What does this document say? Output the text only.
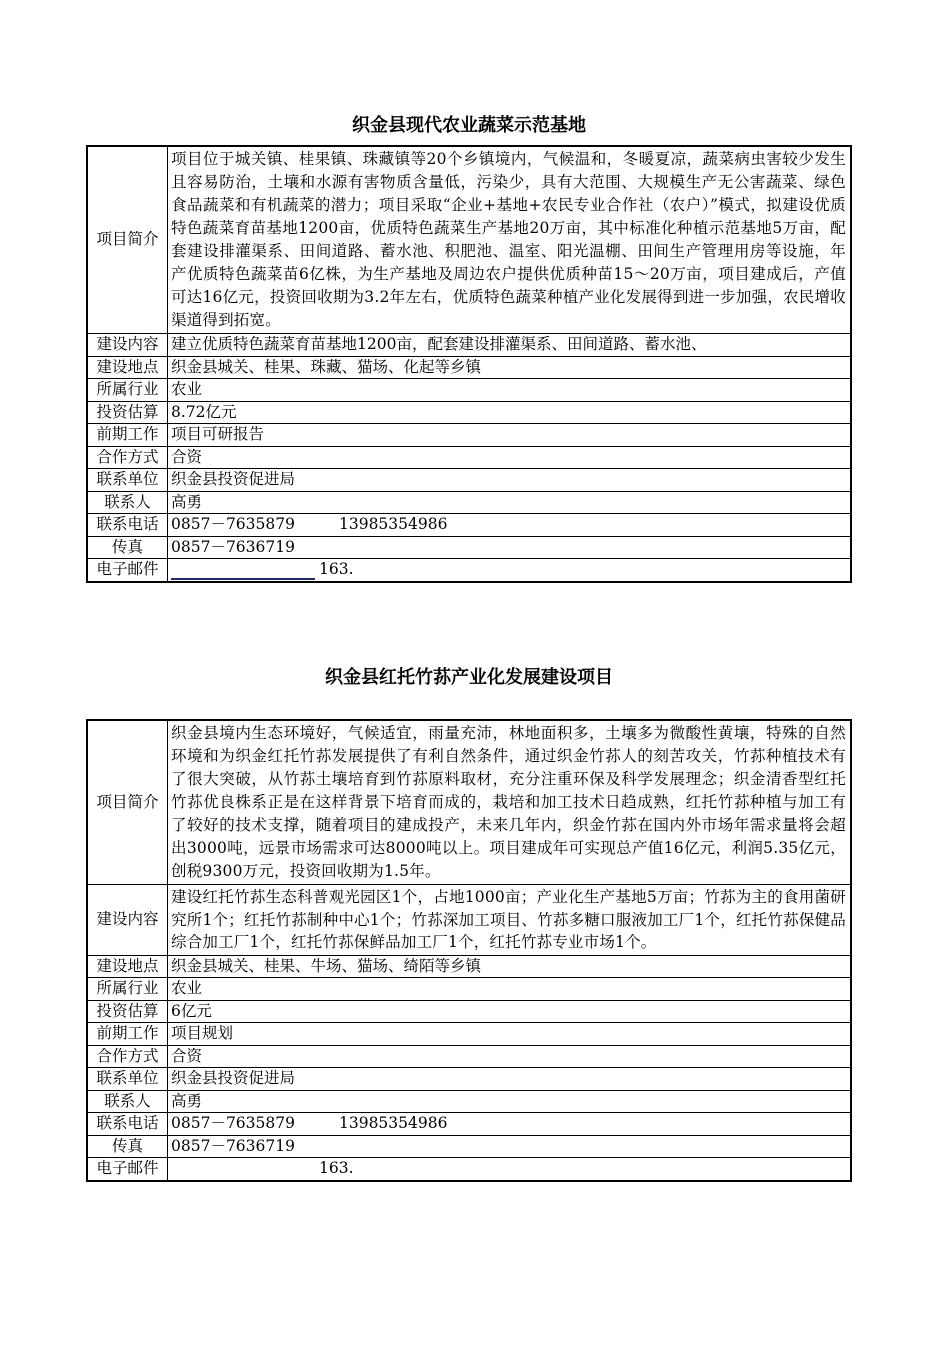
织金县现代农业蔬菜示范基地
项目简介	项目位于城关镇、桂果镇、珠藏镇等20个乡镇境内，气候温和，冬暖夏凉，蔬菜病虫害较少发生且容易防治，土壤和水源有害物质含量低，污染少，具有大范围、大规模生产无公害蔬菜、绿色食品蔬菜和有机蔬菜的潜力；项目采取“企业+基地+农民专业合作社（农户）”模式，拟建设优质特色蔬菜育苗基地1200亩，优质特色蔬菜生产基地20万亩，其中标准化种植示范基地5万亩，配套建设排灌渠系、田间道路、蓄水池、积肥池、温室、阳光温棚、田间生产管理用房等设施，年产优质特色蔬菜苗6亿株，为生产基地及周边农户提供优质种苗15～20万亩，项目建成后，产值可达16亿元，投资回收期为3.2年左右，优质特色蔬菜种植产业化发展得到进一步加强，农民增收渠道得到拓宽。
建设内容	建立优质特色蔬菜育苗基地1200亩，配套建设排灌渠系、田间道路、蓄水池、
建设地点	织金县城关、桂果、珠藏、猫场、化起等乡镇
所属行业	农业
投资估算	8.72亿元
前期工作	项目可研报告
合作方式	合资
联系单位	织金县投资促进局
联系人	高勇
联系电话	0857－7635879 13985354986
传真	0857－7636719
电子邮件	163.
织金县红托竹荪产业化发展建设项目
项目简介	织金县境内生态环境好，气候适宜，雨量充沛，林地面积多，土壤多为微酸性黄壤，特殊的自然环境和为织金红托竹荪发展提供了有利自然条件，通过织金竹荪人的刻苦攻关，竹荪种植技术有了很大突破，从竹荪土壤培育到竹荪原料取材，充分注重环保及科学发展理念；织金清香型红托竹荪优良株系正是在这样背景下培育而成的，栽培和加工技术日趋成熟，红托竹荪种植与加工有了较好的技术支撑，随着项目的建成投产，未来几年内，织金竹荪在国内外市场年需求量将会超出3000吨，远景市场需求可达8000吨以上。项目建成年可实现总产值16亿元，利润5.35亿元，创税9300万元，投资回收期为1.5年。
建设内容	建设红托竹荪生态科普观光园区1个，占地1000亩；产业化生产基地5万亩；竹荪为主的食用菌研究所1个；红托竹荪制种中心1个；竹荪深加工项目、竹荪多糖口服液加工厂1个，红托竹荪保健品综合加工厂1个，红托竹荪保鲜品加工厂1个，红托竹荪专业市场1个。
建设地点	织金县城关、桂果、牛场、猫场、绮陌等乡镇
所属行业	农业
投资估算	6亿元
前期工作	项目规划
合作方式	合资
联系单位	织金县投资促进局
联系人	高勇
联系电话	0857－7635879 13985354986
传真	0857－7636719
电子邮件	163.
